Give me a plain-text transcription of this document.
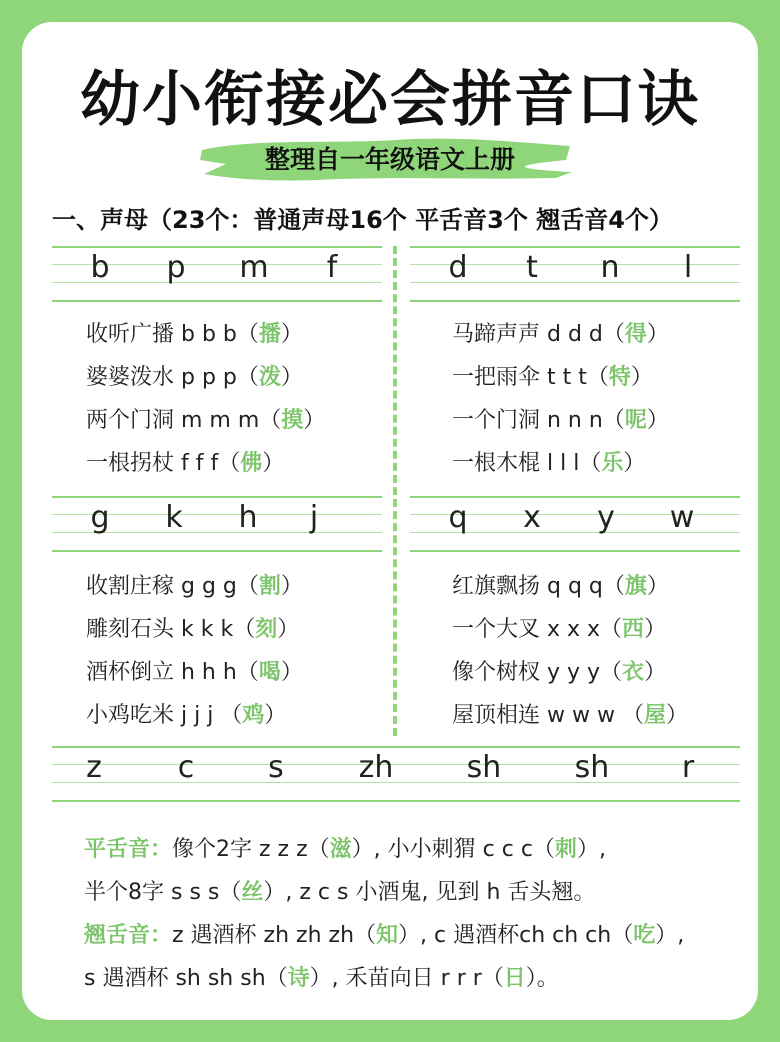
幼小衔接必会拼音口诀
整理自一年级语文上册
一、声母（23个：普通声母16个 平舌音3个 翘舌音4个）
b p m f	d t n l
收听广播 b b b（播）
婆婆泼水 p p p（泼）
两个门洞 m m m（摸）
一根拐杖 f f f（佛）
马蹄声声 d d d（得）
一把雨伞 t t t（特）
一个门洞 n n n（呢）
一根木棍 l l l（乐）
g k h j	q x y w
收割庄稼 g g g（割）
雕刻石头 k k k（刻）
酒杯倒立 h h h（喝）
小鸡吃米 j j j （鸡）
红旗飘扬 q q q（旗）
一个大叉 x x x（西）
像个树杈 y y y（衣）
屋顶相连 w w w （屋）
z	c s zh sh sh r
平舌音：像个2字 z z z（滋）, 小小刺猬 c c c（刺）,
半个8字 s s s（丝）, z c s 小酒鬼, 见到 h 舌头翘。
翘舌音：z 遇酒杯 zh zh zh（知）, c 遇酒杯ch ch ch（吃）,
s 遇酒杯 sh sh sh（诗）, 禾苗向日 r r r（日）。
